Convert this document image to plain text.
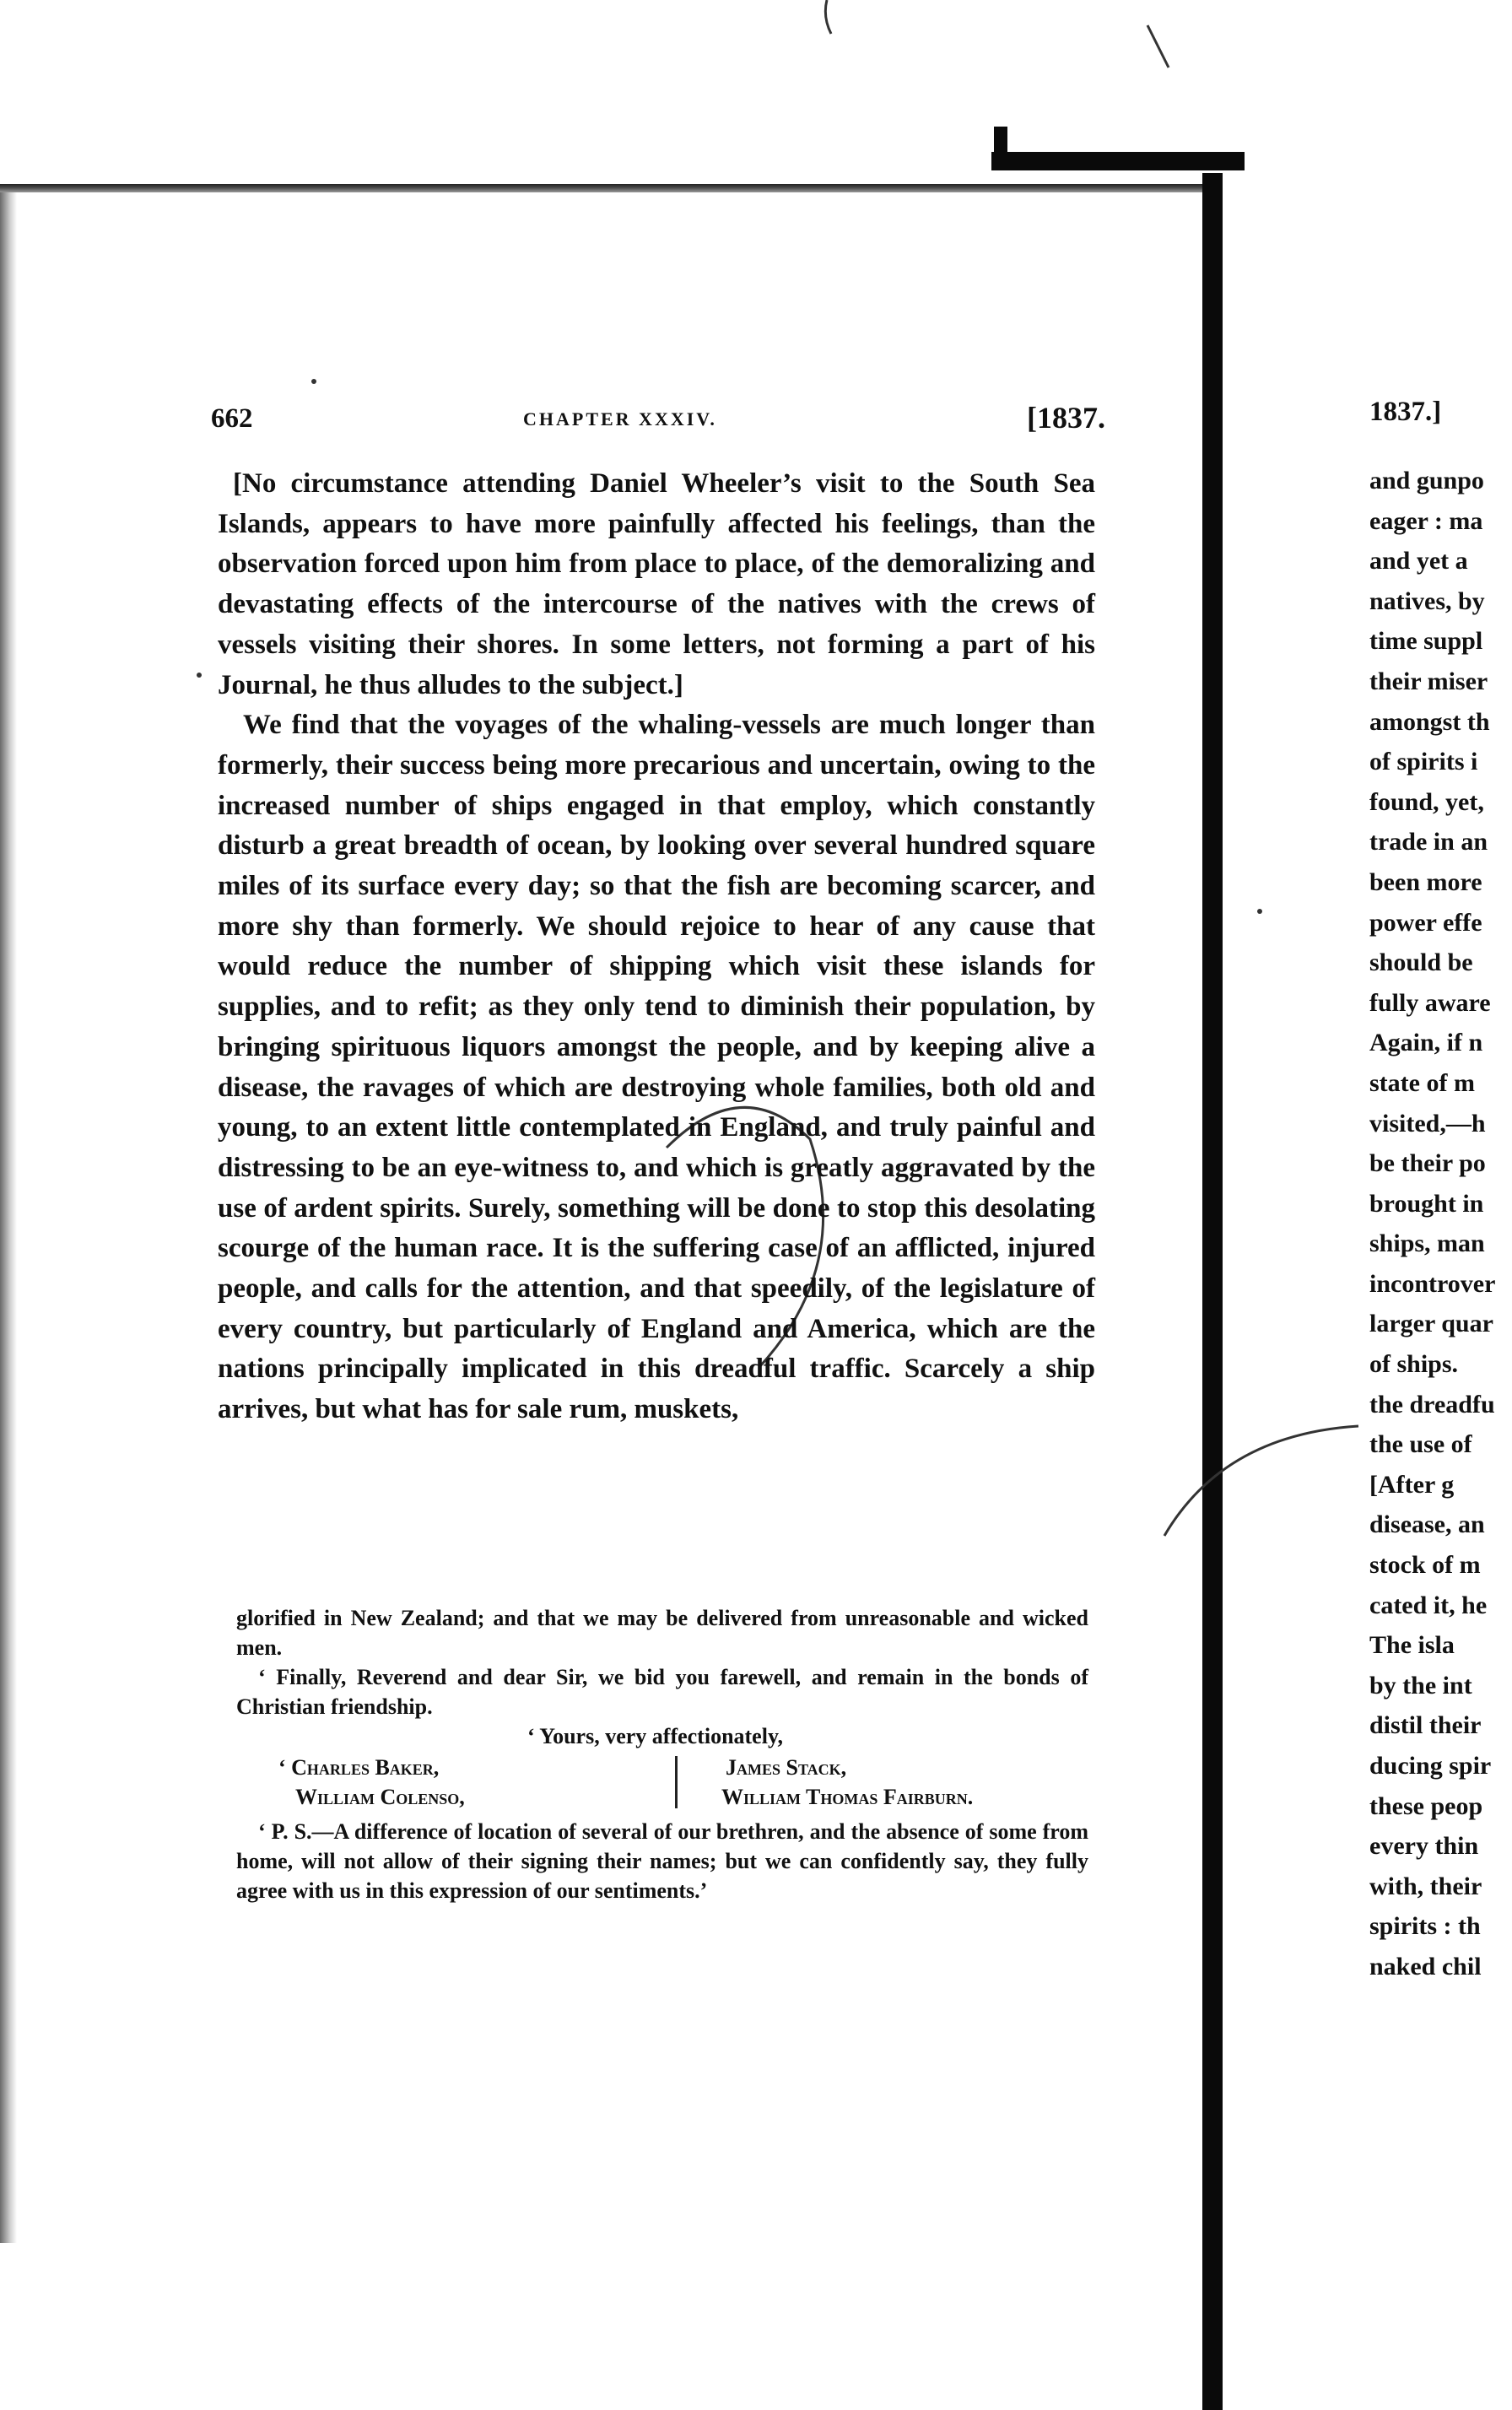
662	CHAPTER XXXIV.	[1837.

[No circumstance attending Daniel Wheeler’s visit to the South Sea Islands, appears to have more painfully affected his feelings, than the observation forced upon him from place to place, of the demoralizing and devastating effects of the intercourse of the natives with the crews of vessels visiting their shores. In some letters, not forming a part of his Journal, he thus alludes to the subject.]

We find that the voyages of the whaling-vessels are much longer than formerly, their success being more precarious and uncertain, owing to the increased number of ships engaged in that employ, which constantly disturb a great breadth of ocean, by looking over several hundred square miles of its surface every day; so that the fish are becoming scarcer, and more shy than formerly. We should rejoice to hear of any cause that would reduce the number of shipping which visit these islands for supplies, and to refit; as they only tend to diminish their population, by bringing spirituous liquors amongst the people, and by keeping alive a disease, the ravages of which are destroying whole families, both old and young, to an extent little contemplated in England, and truly painful and distressing to be an eye-witness to, and which is greatly aggravated by the use of ardent spirits. Surely, something will be done to stop this desolating scourge of the human race. It is the suffering case of an afflicted, injured people, and calls for the attention, and that speedily, of the legislature of every country, but particularly of England and America, which are the nations principally implicated in this dreadful traffic. Scarcely a ship arrives, but what has for sale rum, muskets,

glorified in New Zealand; and that we may be delivered from unreasonable and wicked men.

‘ Finally, Reverend and dear Sir, we bid you farewell, and remain in the bonds of Christian friendship.

‘ Yours, very affectionately,

‘ Charles Baker,
William Colenso,
James Stack,
William Thomas Fairburn.

‘ P. S.—A difference of location of several of our brethren, and the absence of some from home, will not allow of their signing their names; but we can confidently say, they fully agree with us in this expression of our sentiments.’

1837.]
and gunpo
eager : ma
and yet a
natives, by
time suppl
their miser
amongst th
of spirits i
found, yet,
trade in an
been more
power effe
should be
fully aware
Again, if n
state of m
visited,—h
be their po
brought in
ships, man
incontrover
larger quar
of ships.
the dreadfu
the use of
[After g
disease, an
stock of m
cated it, he
The isla
by the int
distil their
ducing spir
these peop
every thin
with, their
spirits : th
naked chil
